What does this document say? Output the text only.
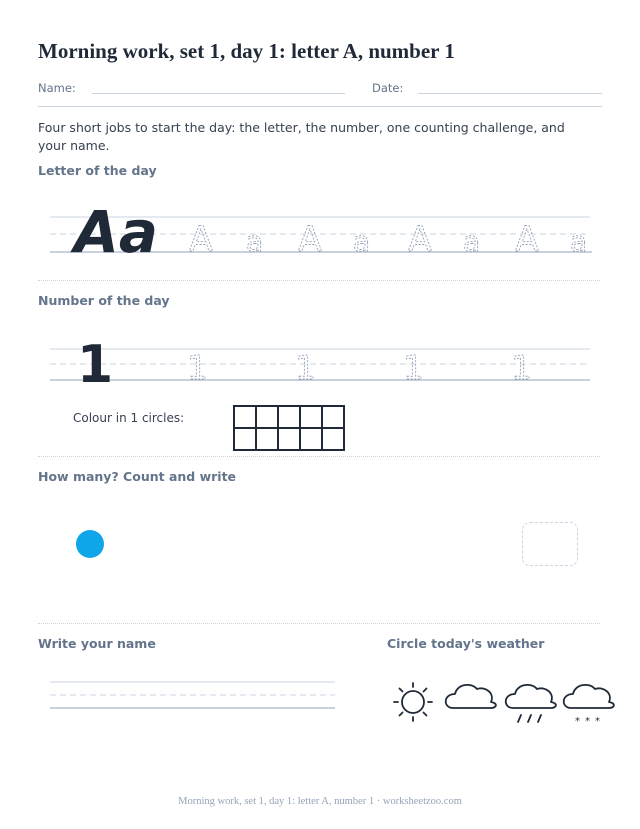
Morning work, set 1, day 1: letter A, number 1
Name:	Date:
Four short jobs to start the day: the letter, the number, one counting challenge, and your name.
Letter of the day
Aa A a A a A a A a
Number of the day
1 1	1	1	1
Colour in 1 circles:
How many? Count and write
Write your name	Circle today's weather
* * *
Morning work, set 1, day 1: letter A, number 1 · worksheetzoo.com
